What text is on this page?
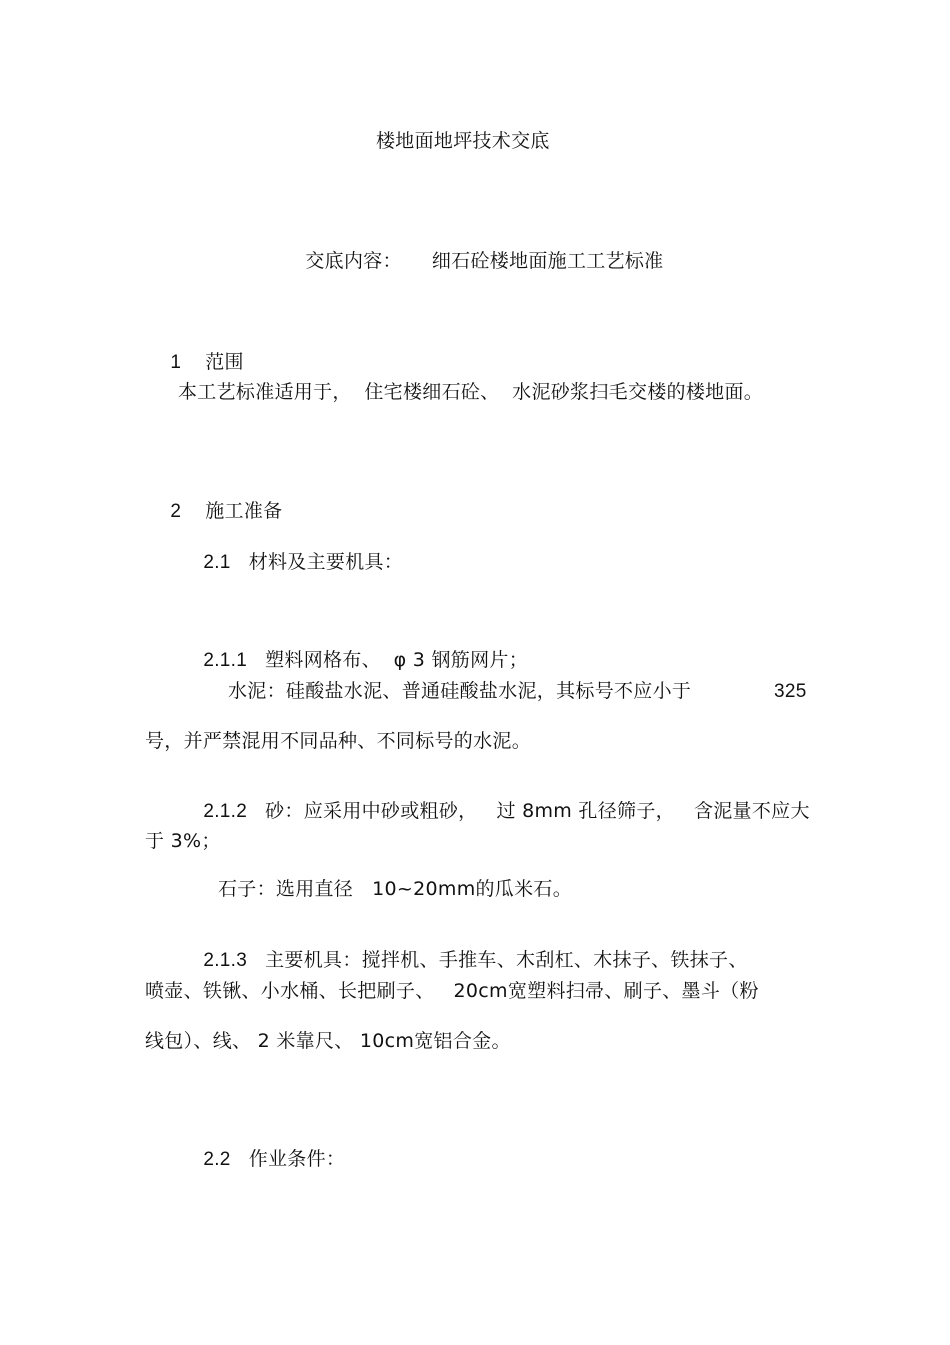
楼地面地坪技术交底

交底内容： 细石砼楼地面施工工艺标准

1 范围

本工艺标准适用于，  住宅楼细石砼、  水泥砂浆扫毛交楼的楼地面。

2 施工准备

2.1 材料及主要机具：

2.1.1 塑料网格布、  φ 3 钢筋网片；

水泥：硅酸盐水泥、普通硅酸盐水泥，其标号不应小于	325
号，并严禁混用不同品种、不同标号的水泥。

2.1.2 砂：应采用中砂或粗砂，   过 8mm 孔径筛子，   含泥量不应大

于 3%；
石子：选用直径   10~20mm的瓜米石。

2.1.3 主要机具：搅拌机、手推车、木刮杠、木抹子、铁抹子、

喷壶、铁锹、小水桶、长把刷子、   20cm宽塑料扫帚、刷子、墨斗（粉
线包）、线、 2 米靠尺、 10cm宽铝合金。

2.2 作业条件：
